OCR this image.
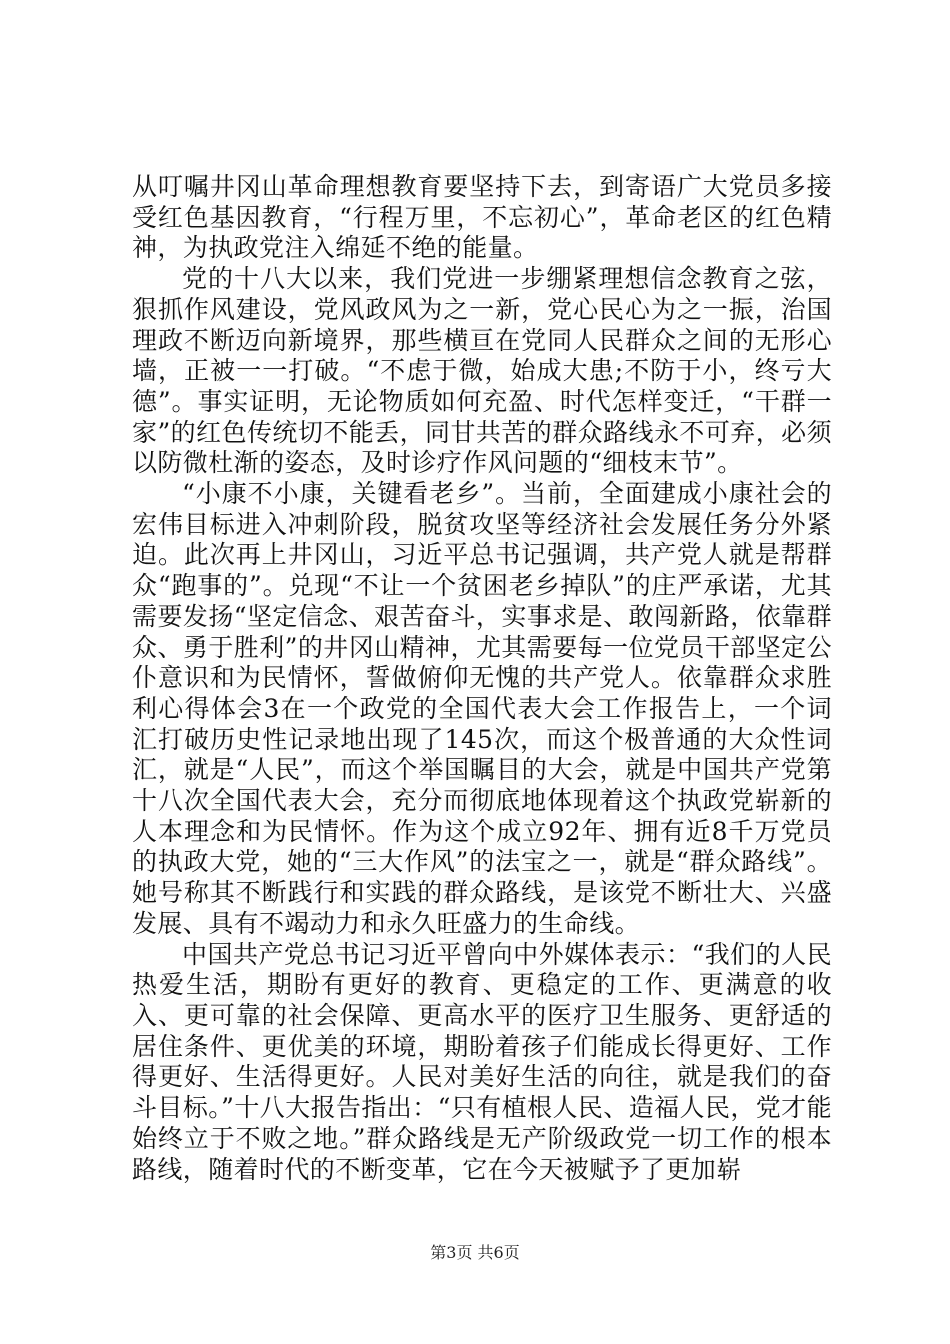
从叮嘱井冈山革命理想教育要坚持下去，到寄语广大党员多接受红色基因教育，“行程万里，不忘初心”，革命老区的红色精神，为执政党注入绵延不绝的能量。

党的十八大以来，我们党进一步绷紧理想信念教育之弦，狠抓作风建设，党风政风为之一新，党心民心为之一振，治国理政不断迈向新境界，那些横亘在党同人民群众之间的无形心墙，正被一一打破。“不虑于微，始成大患;不防于小，终亏大德”。事实证明，无论物质如何充盈、时代怎样变迁，“干群一家”的红色传统切不能丢，同甘共苦的群众路线永不可弃，必须以防微杜渐的姿态，及时诊疗作风问题的“细枝末节”。

“小康不小康，关键看老乡”。当前，全面建成小康社会的宏伟目标进入冲刺阶段，脱贫攻坚等经济社会发展任务分外紧迫。此次再上井冈山，习近平总书记强调，共产党人就是帮群众“跑事的”。兑现“不让一个贫困老乡掉队”的庄严承诺，尤其需要发扬“坚定信念、艰苦奋斗，实事求是、敢闯新路，依靠群众、勇于胜利”的井冈山精神，尤其需要每一位党员干部坚定公仆意识和为民情怀，誓做俯仰无愧的共产党人。依靠群众求胜利心得体会3在一个政党的全国代表大会工作报告上，一个词汇打破历史性记录地出现了145次，而这个极普通的大众性词汇，就是“人民”，而这个举国瞩目的大会，就是中国共产党第十八次全国代表大会，充分而彻底地体现着这个执政党崭新的人本理念和为民情怀。作为这个成立92年、拥有近8千万党员的执政大党，她的“三大作风”的法宝之一，就是“群众路线”。她号称其不断践行和实践的群众路线，是该党不断壮大、兴盛发展、具有不竭动力和永久旺盛力的生命线。

中国共产党总书记习近平曾向中外媒体表示：“我们的人民热爱生活，期盼有更好的教育、更稳定的工作、更满意的收入、更可靠的社会保障、更高水平的医疗卫生服务、更舒适的居住条件、更优美的环境，期盼着孩子们能成长得更好、工作得更好、生活得更好。人民对美好生活的向往，就是我们的奋斗目标。”十八大报告指出：“只有植根人民、造福人民，党才能始终立于不败之地。”群众路线是无产阶级政党一切工作的根本路线，随着时代的不断变革，它在今天被赋予了更加崭

第3页 共6页
